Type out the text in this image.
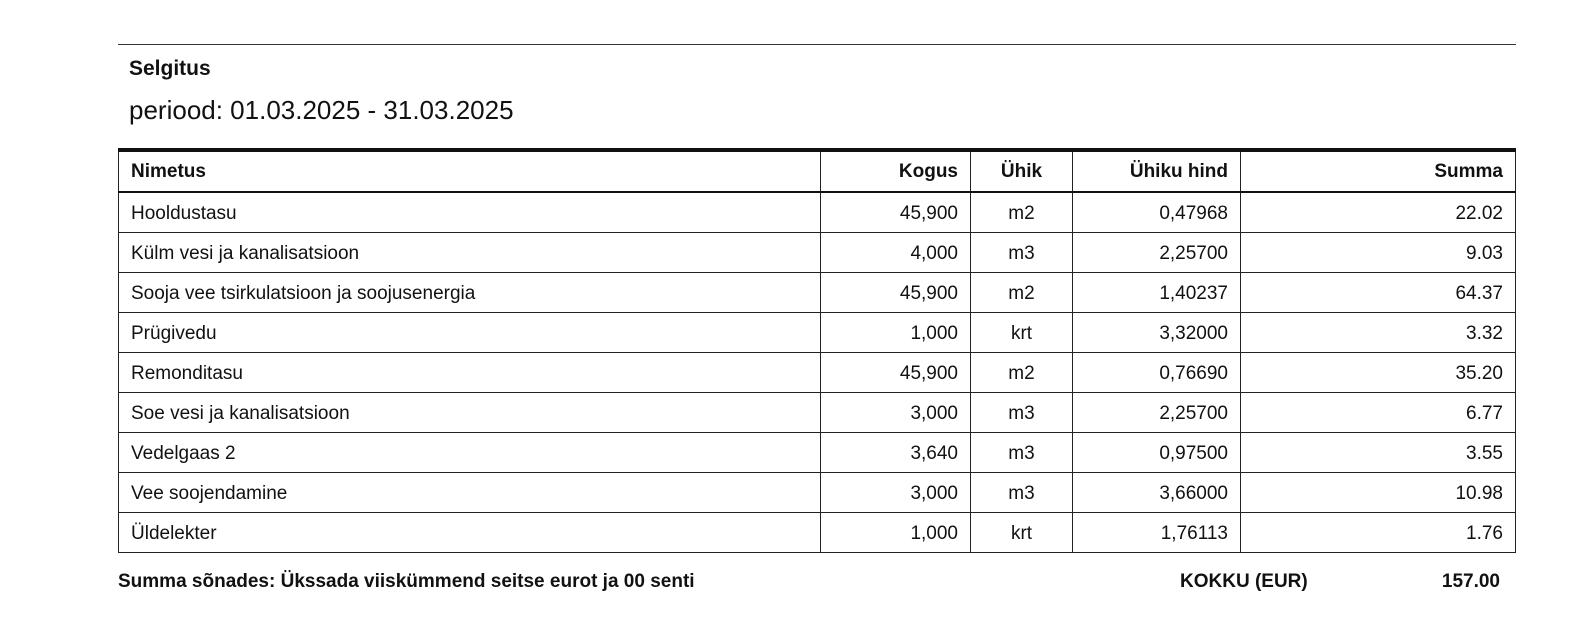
Selgitus
periood: 01.03.2025 - 31.03.2025
Nimetus	Kogus	Ühik	Ühiku hind	Summa
Hooldustasu	45,900	m2	0,47968	22.02
Külm vesi ja kanalisatsioon	4,000	m3	2,25700	9.03
Sooja vee tsirkulatsioon ja soojusenergia	45,900	m2	1,40237	64.37
Prügivedu	1,000	krt	3,32000	3.32
Remonditasu	45,900	m2	0,76690	35.20
Soe vesi ja kanalisatsioon	3,000	m3	2,25700	6.77
Vedelgaas 2	3,640	m3	0,97500	3.55
Vee soojendamine	3,000	m3	3,66000	10.98
Üldelekter	1,000	krt	1,76113	1.76
Summa sõnades: Ükssada viiskümmend seitse eurot ja 00 senti	KOKKU (EUR)	157.00
